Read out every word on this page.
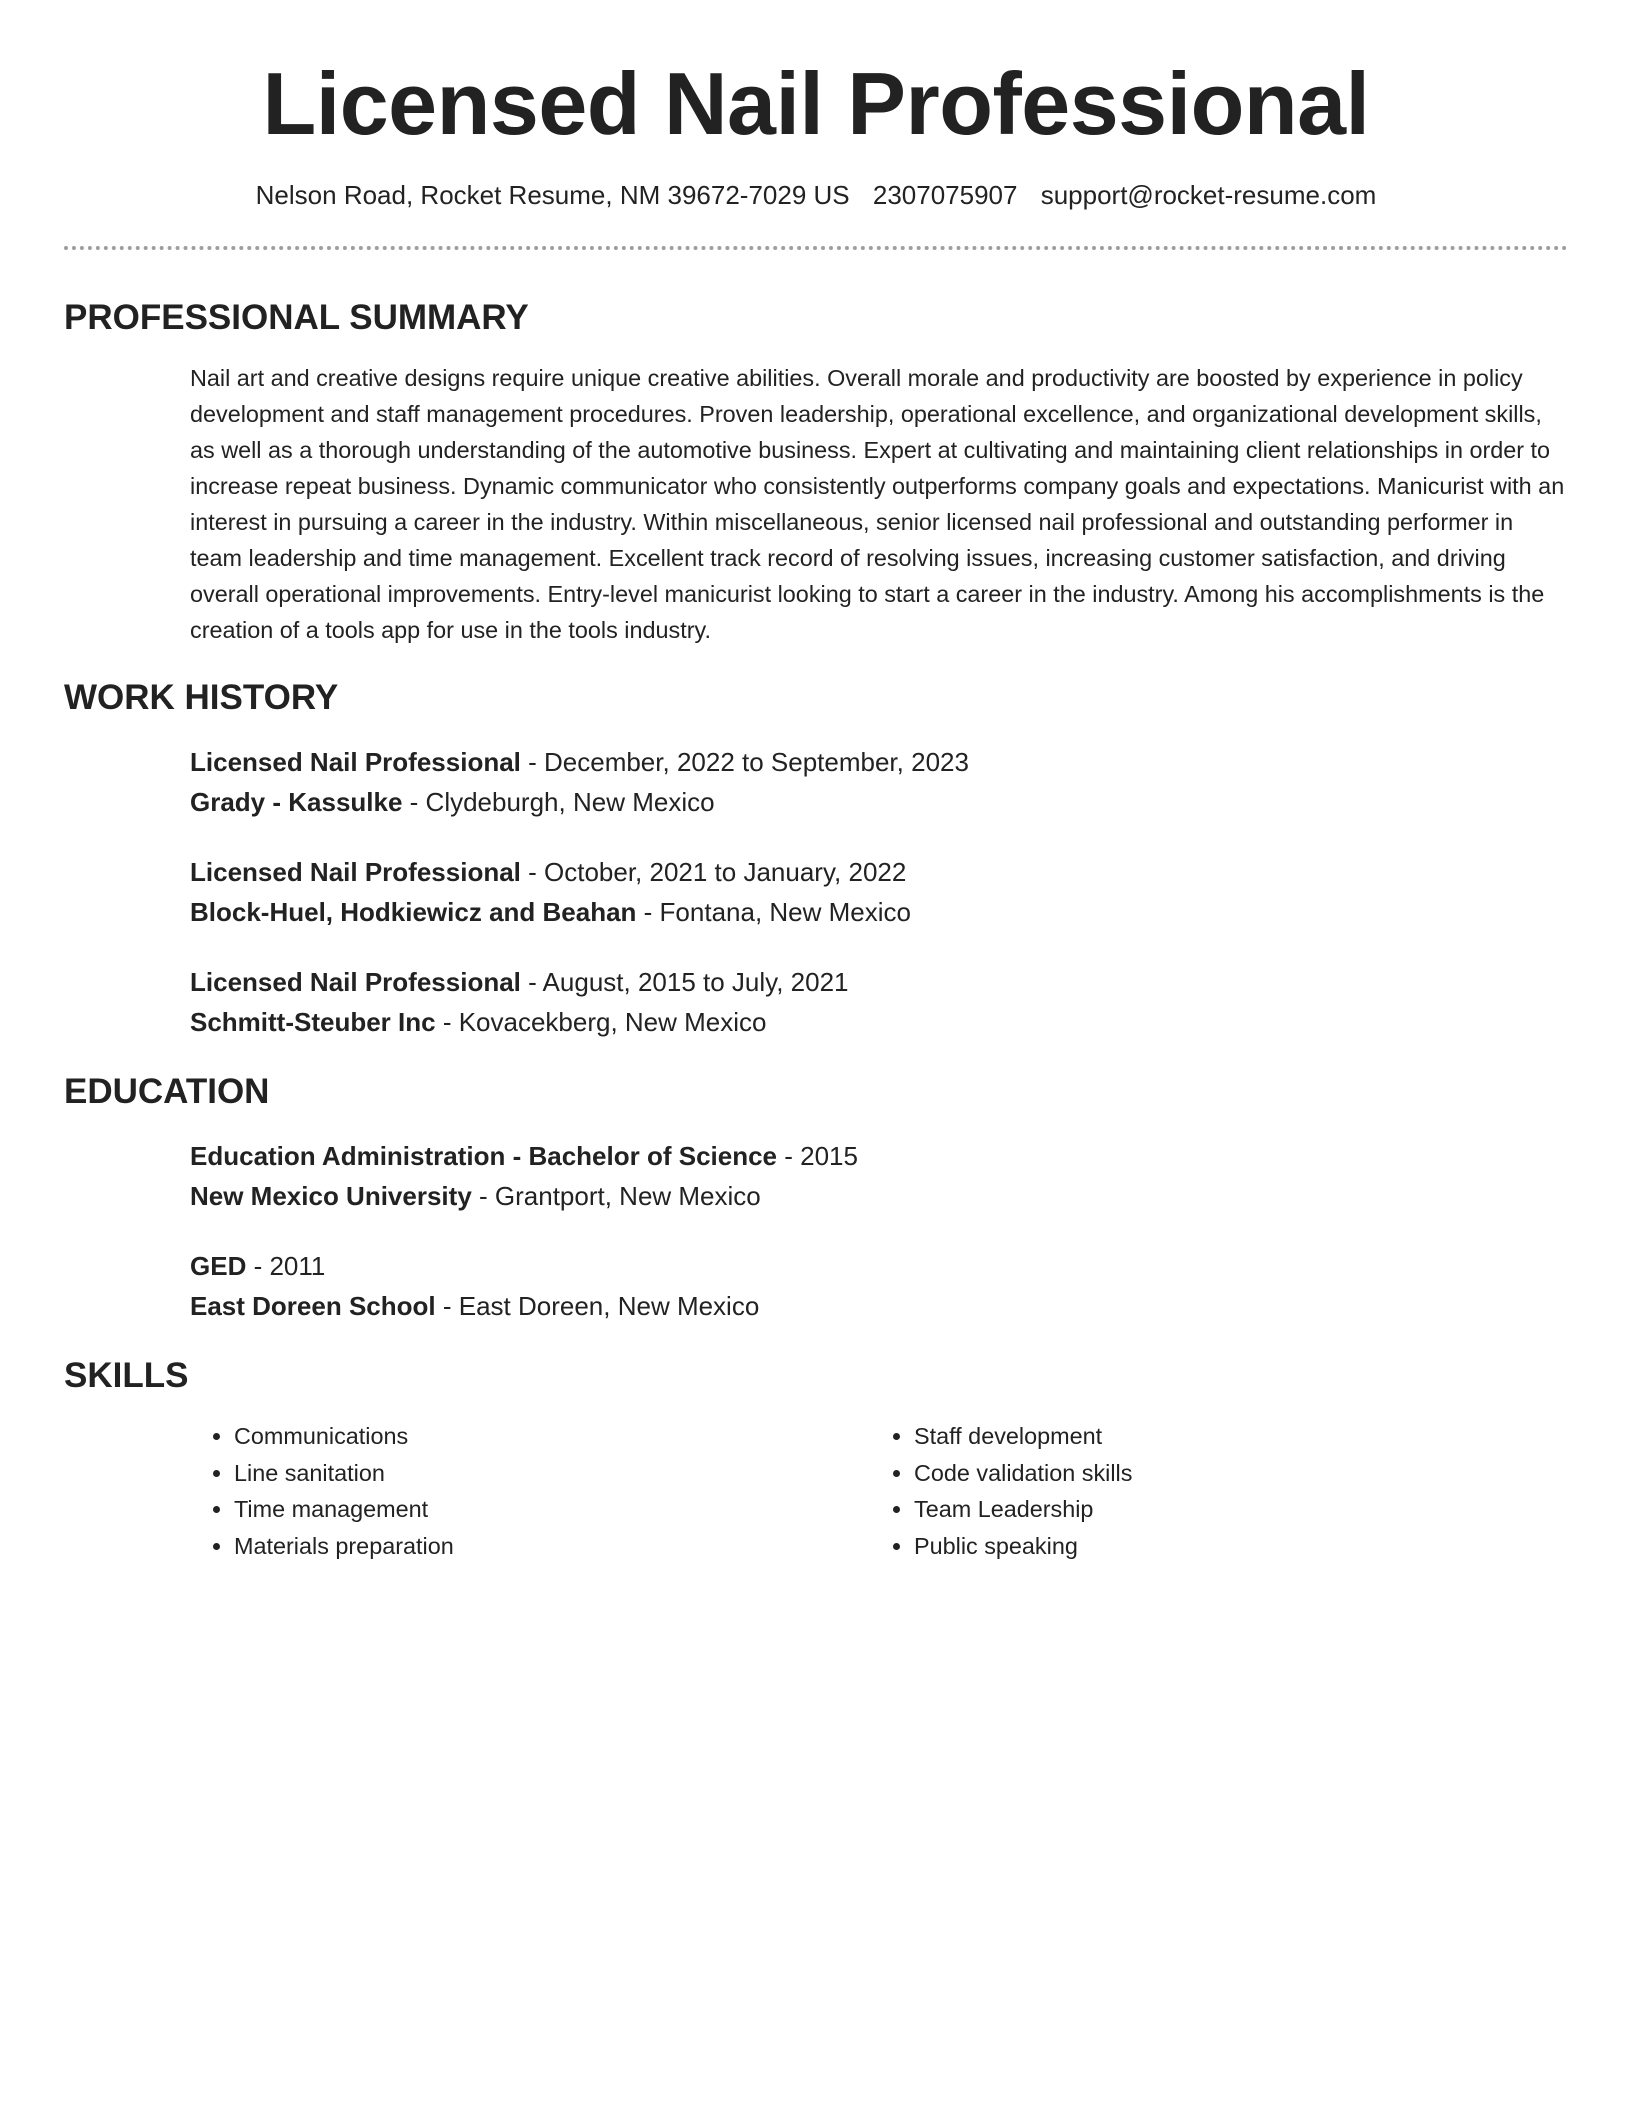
Licensed Nail Professional
Nelson Road, Rocket Resume, NM 39672-7029 US 2307075907 support@rocket-resume.com
PROFESSIONAL SUMMARY

Nail art and creative designs require unique creative abilities. Overall morale and productivity are boosted by experience in policy development and staff management procedures. Proven leadership, operational excellence, and organizational development skills, as well as a thorough understanding of the automotive business. Expert at cultivating and maintaining client relationships in order to increase repeat business. Dynamic communicator who consistently outperforms company goals and expectations. Manicurist with an interest in pursuing a career in the industry. Within miscellaneous, senior licensed nail professional and outstanding performer in team leadership and time management. Excellent track record of resolving issues, increasing customer satisfaction, and driving overall operational improvements. Entry-level manicurist looking to start a career in the industry. Among his accomplishments is the creation of a tools app for use in the tools industry.

WORK HISTORY
Licensed Nail Professional - December, 2022 to September, 2023
Grady - Kassulke - Clydeburgh, New Mexico
Licensed Nail Professional - October, 2021 to January, 2022
Block-Huel, Hodkiewicz and Beahan - Fontana, New Mexico
Licensed Nail Professional - August, 2015 to July, 2021
Schmitt-Steuber Inc - Kovacekberg, New Mexico
EDUCATION
Education Administration - Bachelor of Science - 2015
New Mexico University - Grantport, New Mexico
GED - 2011
East Doreen School - East Doreen, New Mexico
SKILLS
• Communications
• Line sanitation
• Time management
• Materials preparation
• Staff development
• Code validation skills
• Team Leadership
• Public speaking
